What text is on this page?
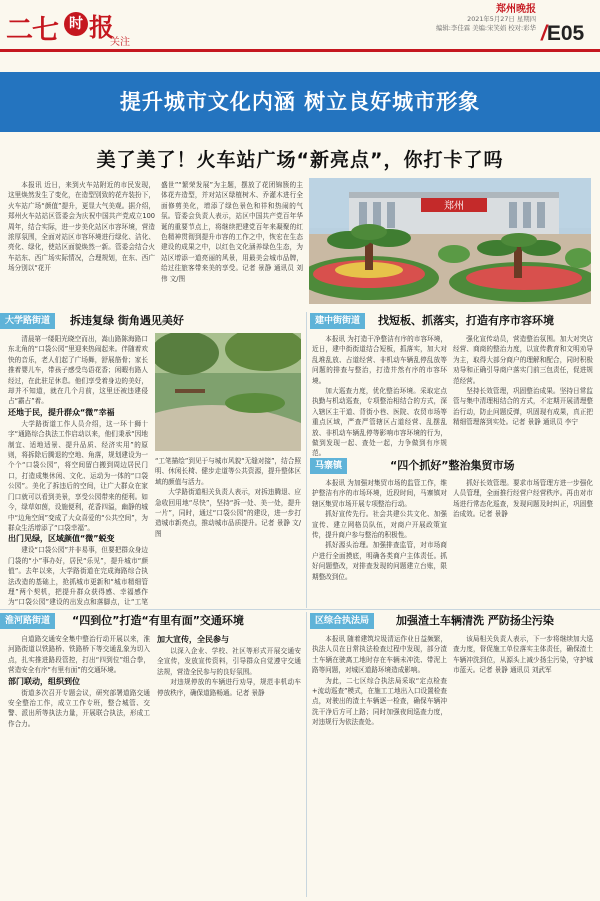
二七 时 报
关注
郑州晚报
2021年5月27日 星期四
编辑:李佳霖 美编:宋笑娟 校对:彩华 /E05
提升城市文化内涵 树立良好城市形象
美了美了！火车站广场“新亮点”，你打卡了吗

本报讯 近日，来到火车站附近的市民发现，这里焕然发生了变化，在造型别致的花卉装扮下，火车站广场“颜值”提升，更显大气美观。据介绍，郑州火车站站区管委会为庆祝中国共产党成立100周年，结合实际，进一步美化站区市容环境，营造浓厚氛围，全面对站区市容环境进行绿化、洁化、亮化、绿化，使站区面貌焕然一新。管委会结合火车站东、西广场实际情况，合理规划，在东、西广场分别以“花开

盛世”“繁荣发展”为主题，摆放了花团锦簇的主体花卉造型，并对站区绿植树木、乔灌木进行全面修剪美化，增添了绿色景色和祥和热闹的气氛。管委会负责人表示，站区中国共产党百年华诞的重要节点上，将继续把建党百年来凝聚的红色精神贯彻到提升市容的工作之中，恢宏在生态建设的成果之中，以红色文化涵养绿色生态，为站区增添一道亮丽的风景，用最美会城市品牌，给过往旅客带来美的享受。记者 景静 通讯员 刘伟 文/图

郑州
大学路街道	拆违复绿 街角遇见美好

清晨第一缕阳光晓空而出，嵩山路陈海路口东北角的“口袋公园”里迎来热闹起来。伴随着欢快的音乐，老人们起了广场舞，舒展筋骨；家长推着婴儿车，带孩子感受鸟语花香；闲暇有路人经过，在此驻足休息。他们享受着身边的美好，却并不知道，就在几个月前，这里还被违建侵占“霸占”着。

还地于民，提升群众“微”幸福

大学路街道工作人员介绍，这一环十狮十字“通路综合执法工作启动以来，他们秉承“因地制宜、适地适景、提升品质、经济实用”的原则，将拆除后腾退的空地、角落，规划建设为一个个“口袋公园”，将空间留白搬到周边居民门口，打造成集休闲、文化、运动为一体的“口袋公园”。美化了拆违后的空间，让广大群众在家门口就可以看到美景，享受公园带来的便利。如今，绿草如茵，设施便利，花香四溢，幽静的城中“边角空间”变成了大众喜爱的“公共空间”，为群众生活增添了“口袋幸福”。

出门见绿，区域颜值“微”蜕变

建设“口袋公园”并非易事，但要把群众身边门袋的“小”事办好，居民“乐见”，提升城市“颜值”。去年以来，大学路街道在完成海路综合执法改造的基础上，抢抓城市更新和“城市精细管理”两个契机，把提升群众获得感、幸福感作为“口袋公园”建设的出发点和落脚点，让“工笔

“工笔描绘”到见于与城市风貌“无缝对接”，结合照明、休闲长椅、健步走道等公共资源，提升整体区域的颜值与活力。

大学路街道相关负责人表示，对拆违腾退、应急收回用地“尽快”，坚持“拆一处、美一处，提升一片”，同时，通过“口袋公园”的建设，进一步打造城市新亮点，推动城市品质提升。记者 景静 文/图

建中街街道	找短板、抓落实，打造有序市容环境

本报讯 为打造干净整洁有序的市容环境，近日，建中街街道结合短板，抓落实，加大对乱堆乱放、占道经营、非机动车辆乱停乱放等问题的排查与整治，打造井然有序的市容环境。

加大巡查力度，优化整治环境。采取定点执勤与机动巡查，专项整治相结合的方式，深入辖区主干道、背街小巷、医院、农贸市场等重点区域，严查严管辖区占道经营、乱摆乱放、非机动车辆乱停等影响市容环境的行为，做到发现一起、查处一起，力争做到有序规范。

强化宣传动员，营造整治氛围。加大对突店经营、商商的整治力度，以宣传教育和文明劝导为主，取得大部分商户的理解和配合，同时积极劝导和正确引导商户落实门前三包责任，促进规范经营。

坚持长效管理，巩固整治成果。坚持日常监管与集中清理相结合的方式，不定期开展清理整治行动，防止问题反弹，巩固现有成果，真正把精细管理落到实处。记者 景静 通讯员 李宁

马寨镇	“四个抓好”整治集贸市场

本报讯 为加强对集贸市场的监管工作，维护整洁有序的市场环境，近段时间，马寨镇对辖区集贸市场开展专项整治行动。

抓好宣传先行。社会共建公共文化、加强宣传、建立网格员队伍，对商户开展政策宣传，提升商户参与整治的积极性。

抓好源头治理。加强排查监管，对市场商户进行全面摸底，明确各类商户主体责任。抓好问题整改，对排查发现的问题建立台账，限期整改到位。

抓好长效管理。要求市场管理方进一步强化人员管理，全面推行经营户经营秩序。再由对市场进行常态化巡查，发现问题及时纠正，巩固整治成效。记者 景静

淮河路街道	“四到位”打造“有里有面”交通环境

自道路交通安全集中整治行动开展以来，淮河路街道以铁路桥、铁路桥下等交通乱象为切入点，扎实推进路段管控，打出“四到位”组合拳，营造安全有序“有里有面”的交通环境。

部门联动，组织到位

街道多次召开专题会议，研究部署道路交通安全整治工作，成立工作专班，整合城管、交警、派出所等执法力量，开展联合执法，形成工作合力。

加大宣传，全民参与

以深入企业、学校、社区等形式开展交通安全宣传，发放宣传资料，引导群众自觉遵守交通法规，营造全民参与的良好氛围。

对违规停放的车辆进行劝导，规范非机动车停放秩序，确保道路畅通。记者 景静

区综合执法局	加强渣土车辆清洗 严防扬尘污染

本报讯 随着建筑垃圾清运作业日益频繁，执法人员在日常执法检查过程中发现，部分渣土车辆在驶离工地时存在车辆未冲洗、带泥上路等问题，对城区道路环境造成影响。

为此，二七区综合执法局采取“定点检查+流动巡查”模式，在施工工地出入口设置检查点，对驶出的渣土车辆逐一检查，确保车辆冲洗干净后方可上路；同时加强夜间巡查力度，对违规行为依法查处。

该局相关负责人表示，下一步将继续加大巡查力度，督促施工单位落实主体责任，确保渣土车辆冲洗到位，从源头上减少扬尘污染，守护城市蓝天。记者 景静 通讯员 刘武军
